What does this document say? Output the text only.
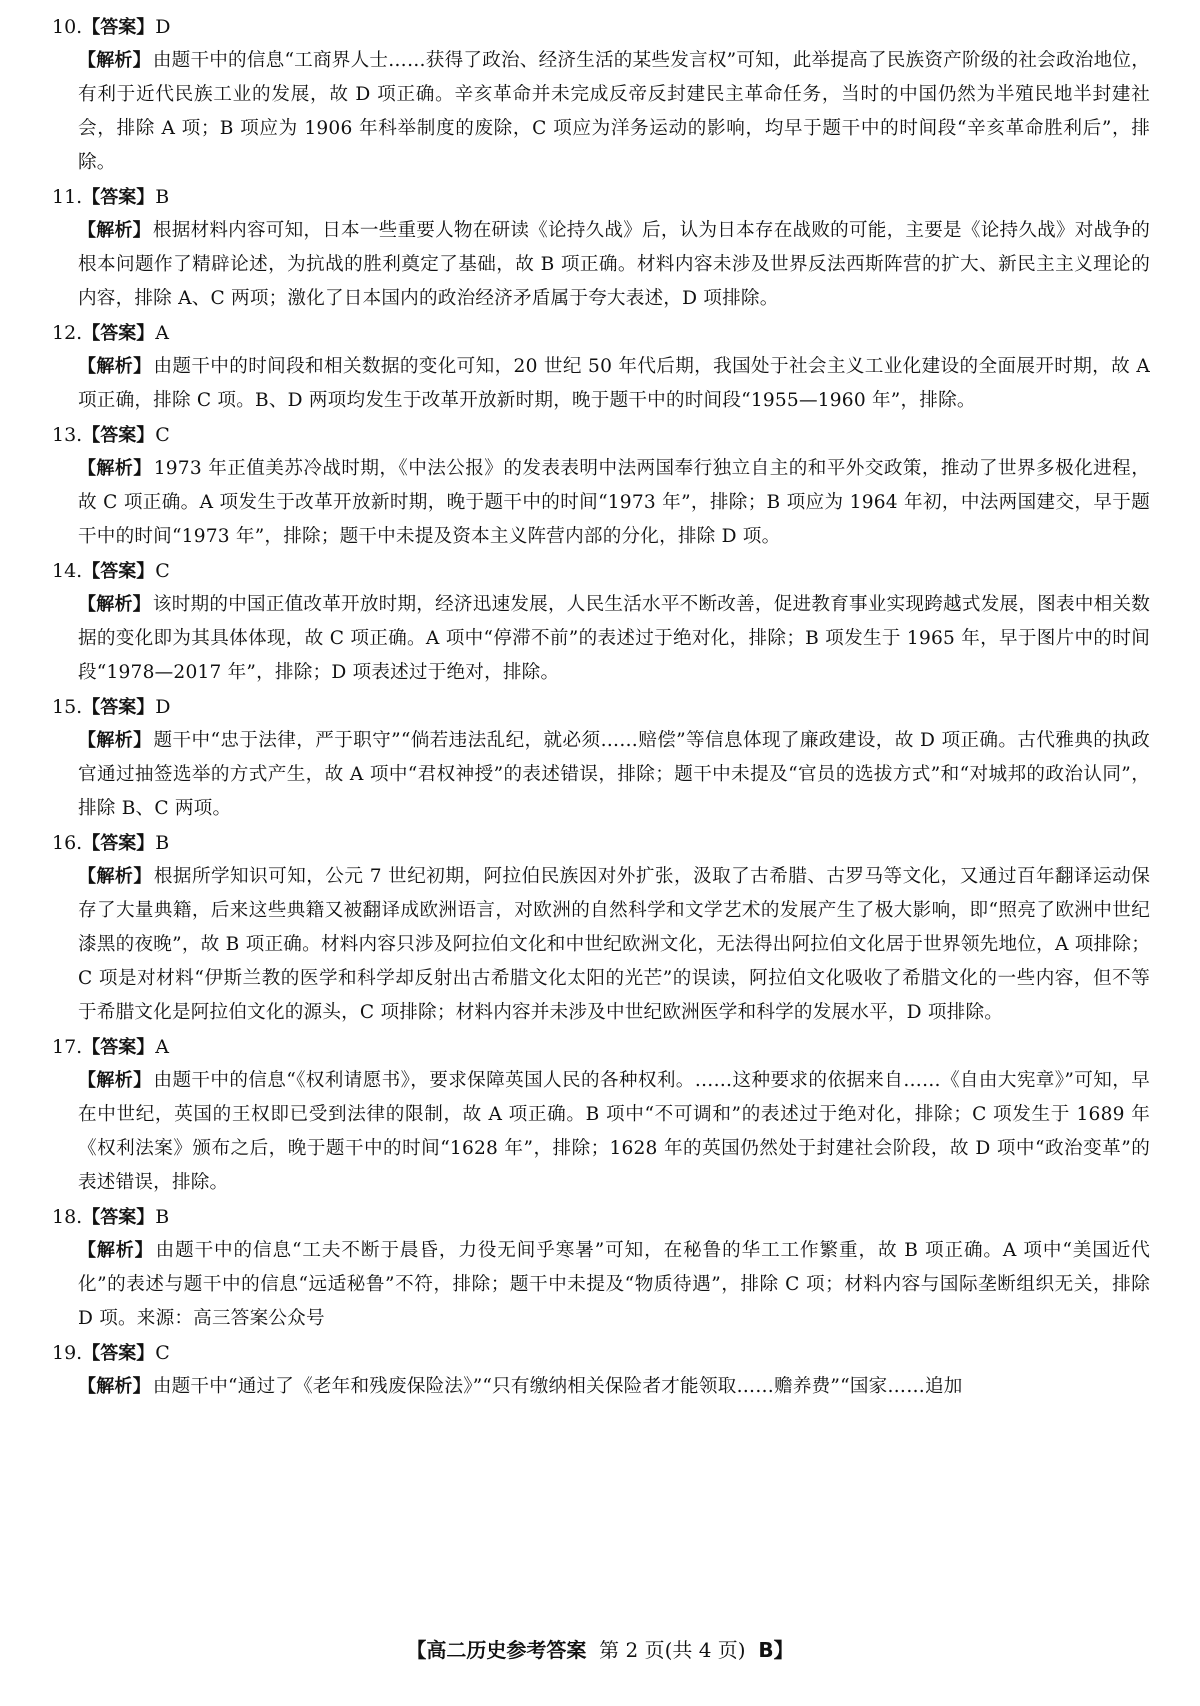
10.【答案】D

【解析】 由题干中的信息“工商界人士……获得了政治、经济生活的某些发言权”可知，此举提高了民族资产阶级的社会政治地位，有利于近代民族工业的发展，故 D 项正确。辛亥革命并未完成反帝反封建民主革命任务，当时的中国仍然为半殖民地半封建社会，排除 A 项；B 项应为 1906 年科举制度的废除，C 项应为洋务运动的影响，均早于题干中的时间段“辛亥革命胜利后”，排除。

11.【答案】B

【解析】 根据材料内容可知，日本一些重要人物在研读《论持久战》后，认为日本存在战败的可能，主要是《论持久战》对战争的根本问题作了精辟论述，为抗战的胜利奠定了基础，故 B 项正确。材料内容未涉及世界反法西斯阵营的扩大、新民主主义理论的内容，排除 A、C 两项；激化了日本国内的政治经济矛盾属于夸大表述，D 项排除。

12.【答案】A

【解析】 由题干中的时间段和相关数据的变化可知，20 世纪 50 年代后期，我国处于社会主义工业化建设的全面展开时期，故 A 项正确，排除 C 项。B、D 两项均发生于改革开放新时期，晚于题干中的时间段“1955—1960 年”，排除。

13.【答案】C

【解析】 1973 年正值美苏冷战时期，《中法公报》的发表表明中法两国奉行独立自主的和平外交政策，推动了世界多极化进程，故 C 项正确。A 项发生于改革开放新时期，晚于题干中的时间“1973 年”，排除；B 项应为 1964 年初，中法两国建交，早于题干中的时间“1973 年”，排除；题干中未提及资本主义阵营内部的分化，排除 D 项。

14.【答案】C

【解析】 该时期的中国正值改革开放时期，经济迅速发展，人民生活水平不断改善，促进教育事业实现跨越式发展，图表中相关数据的变化即为其具体体现，故 C 项正确。A 项中“停滞不前”的表述过于绝对化，排除；B 项发生于 1965 年，早于图片中的时间段“1978—2017 年”，排除；D 项表述过于绝对，排除。

15.【答案】D

【解析】 题干中“忠于法律，严于职守”“倘若违法乱纪，就必须……赔偿”等信息体现了廉政建设，故 D 项正确。古代雅典的执政官通过抽签选举的方式产生，故 A 项中“君权神授”的表述错误，排除；题干中未提及“官员的选拔方式”和“对城邦的政治认同”，排除 B、C 两项。

16.【答案】B

【解析】 根据所学知识可知，公元 7 世纪初期，阿拉伯民族因对外扩张，汲取了古希腊、古罗马等文化，又通过百年翻译运动保存了大量典籍，后来这些典籍又被翻译成欧洲语言，对欧洲的自然科学和文学艺术的发展产生了极大影响，即“照亮了欧洲中世纪漆黑的夜晚”，故 B 项正确。材料内容只涉及阿拉伯文化和中世纪欧洲文化，无法得出阿拉伯文化居于世界领先地位，A 项排除；C 项是对材料“伊斯兰教的医学和科学却反射出古希腊文化太阳的光芒”的误读，阿拉伯文化吸收了希腊文化的一些内容，但不等于希腊文化是阿拉伯文化的源头，C 项排除；材料内容并未涉及中世纪欧洲医学和科学的发展水平，D 项排除。

17.【答案】A

【解析】 由题干中的信息“《权利请愿书》，要求保障英国人民的各种权利。……这种要求的依据来自……《自由大宪章》”可知，早在中世纪，英国的王权即已受到法律的限制，故 A 项正确。B 项中“不可调和”的表述过于绝对化，排除；C 项发生于 1689 年《权利法案》颁布之后，晚于题干中的时间“1628 年”，排除；1628 年的英国仍然处于封建社会阶段，故 D 项中“政治变革”的表述错误，排除。

18.【答案】B

【解析】 由题干中的信息“工夫不断于晨昏，力役无间乎寒暑”可知，在秘鲁的华工工作繁重，故 B 项正确。A 项中“美国近代化”的表述与题干中的信息“远适秘鲁”不符，排除；题干中未提及“物质待遇”，排除 C 项；材料内容与国际垄断组织无关，排除 D 项。来源：高三答案公众号

19.【答案】C

【解析】 由题干中“通过了《老年和残废保险法》”“只有缴纳相关保险者才能领取……赡养费”“国家……追加

【高二历史参考答案 第 2 页(共 4 页) B】
